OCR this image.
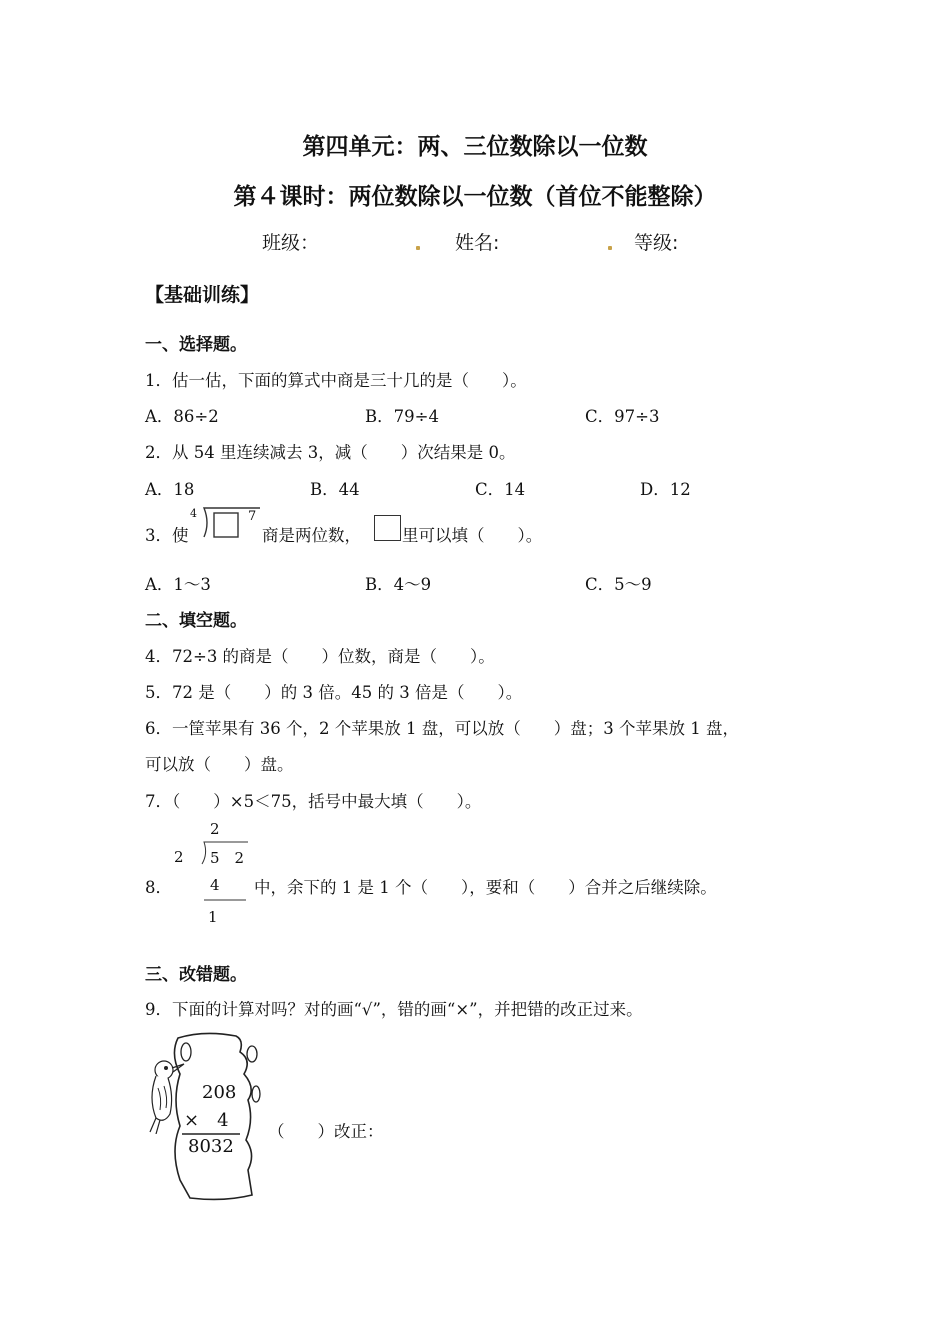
第四单元：两、三位数除以一位数
第４课时：两位数除以一位数（首位不能整除）
班级：	姓名:	等级:
【基础训练】
一、选择题。
1．估一估，下面的算式中商是三十几的是（　　）。
A．86÷2	B．79÷4	C．97÷3
2．从 54 里连续减去 3，减（　　）次结果是 0。
A．18	B．44	C．14	D．12
3．使
4	7
商是两位数， 里可以填（　　）。
A．1～3	B．4～9	C．5～9
二、填空题。
4．72÷3 的商是（　　）位数，商是（　　）。
5．72 是（　　）的 3 倍。45 的 3 倍是（　　）。
6．一筐苹果有 36 个，2 个苹果放 1 盘，可以放（　　）盘；3 个苹果放 1 盘，
可以放（　　）盘。
7．（　　）×5＜75，括号中最大填（　　）。
8．
2
2 5　2
4
1
中，余下的 1 是 1 个（　　），要和（　　）合并之后继续除。
三、改错题。
9．下面的计算对吗？对的画“√”，错的画“×”，并把错的改正过来。
208
×　4
8032
（　　）改正：
